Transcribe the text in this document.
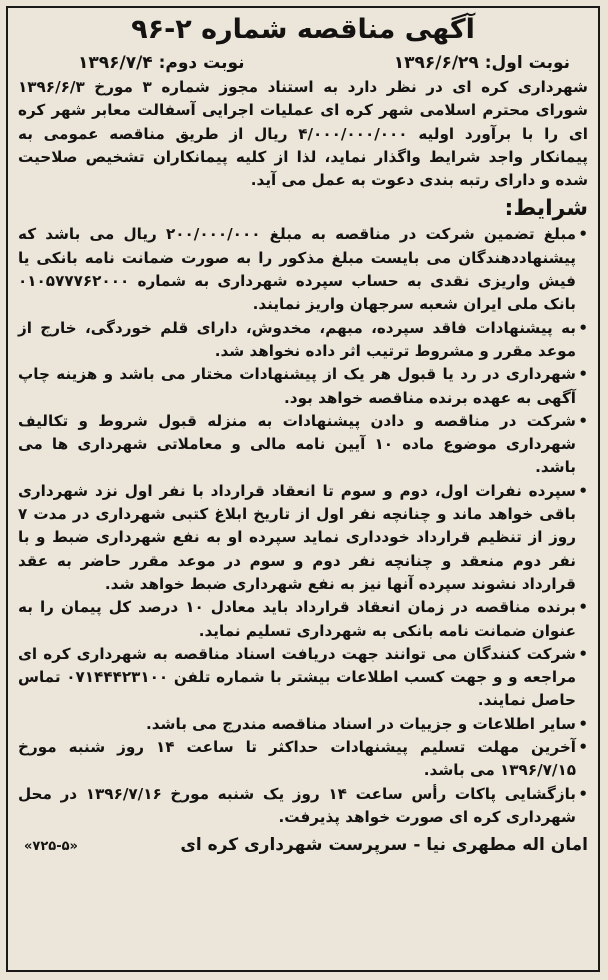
آگهی مناقصه شماره ۲-۹۶
نوبت اول: ۱۳۹۶/۶/۲۹
نوبت دوم: ۱۳۹۶/۷/۴

شهرداری کره ای در نظر دارد به استناد مجوز شماره ۳ مورخ ۱۳۹۶/۶/۳ شورای محترم اسلامی شهر کره ای عملیات اجرایی آسفالت معابر شهر کره ای را با برآورد اولیه ۴/۰۰۰/۰۰۰/۰۰۰ ریال از طریق مناقصه عمومی به پیمانکار واجد شرایط واگذار نماید، لذا از کلیه پیمانکاران تشخیص صلاحیت شده و دارای رتبه بندی دعوت به عمل می آید.

شرایط:
• مبلغ تضمین شرکت در مناقصه به مبلغ ۲۰۰/۰۰۰/۰۰۰ ریال می باشد که پیشنهاددهندگان می بایست مبلغ مذکور را به صورت ضمانت نامه بانکی یا فیش واریزی نقدی به حساب سپرده شهرداری به شماره ۰۱۰۵۷۷۷۶۲۰۰۰ بانک ملی ایران شعبه سرجهان واریز نمایند.
• به پیشنهادات فاقد سپرده، مبهم، مخدوش، دارای قلم خوردگی، خارج از موعد مقرر و مشروط ترتیب اثر داده نخواهد شد.
• شهرداری در رد یا قبول هر یک از پیشنهادات مختار می باشد و هزینه چاپ آگهی به عهده برنده مناقصه خواهد بود.
• شرکت در مناقصه و دادن پیشنهادات به منزله قبول شروط و تکالیف شهرداری موضوع ماده ۱۰ آیین نامه مالی و معاملاتی شهرداری ها می باشد.
• سپرده نفرات اول، دوم و سوم تا انعقاد قرارداد با نفر اول نزد شهرداری باقی خواهد ماند و چنانچه نفر اول از تاریخ ابلاغ کتبی شهرداری در مدت ۷ روز از تنظیم قرارداد خودداری نماید سپرده او به نفع شهرداری ضبط و با نفر دوم منعقد و چنانچه نفر دوم و سوم در موعد مقرر حاضر به عقد قرارداد نشوند سپرده آنها نیز به نفع شهرداری ضبط خواهد شد.
• برنده مناقصه در زمان انعقاد قرارداد باید معادل ۱۰ درصد کل پیمان را به عنوان ضمانت نامه بانکی به شهرداری تسلیم نماید.
• شرکت کنندگان می توانند جهت دریافت اسناد مناقصه به شهرداری کره ای مراجعه و و جهت کسب اطلاعات بیشتر با شماره تلفن ۰۷۱۴۴۴۲۳۱۰۰ تماس حاصل نمایند.
• سایر اطلاعات و جزییات در اسناد مناقصه مندرج می باشد.
• آخرین مهلت تسلیم پیشنهادات حداکثر تا ساعت ۱۴ روز شنبه مورخ ۱۳۹۶/۷/۱۵ می باشد.
• بازگشایی پاکات رأس ساعت ۱۴ روز یک شنبه مورخ ۱۳۹۶/۷/۱۶ در محل شهرداری کره ای صورت خواهد پذیرفت.
امان اله مطهری نیا - سرپرست شهرداری کره ای
«۷۲۵-۵»
